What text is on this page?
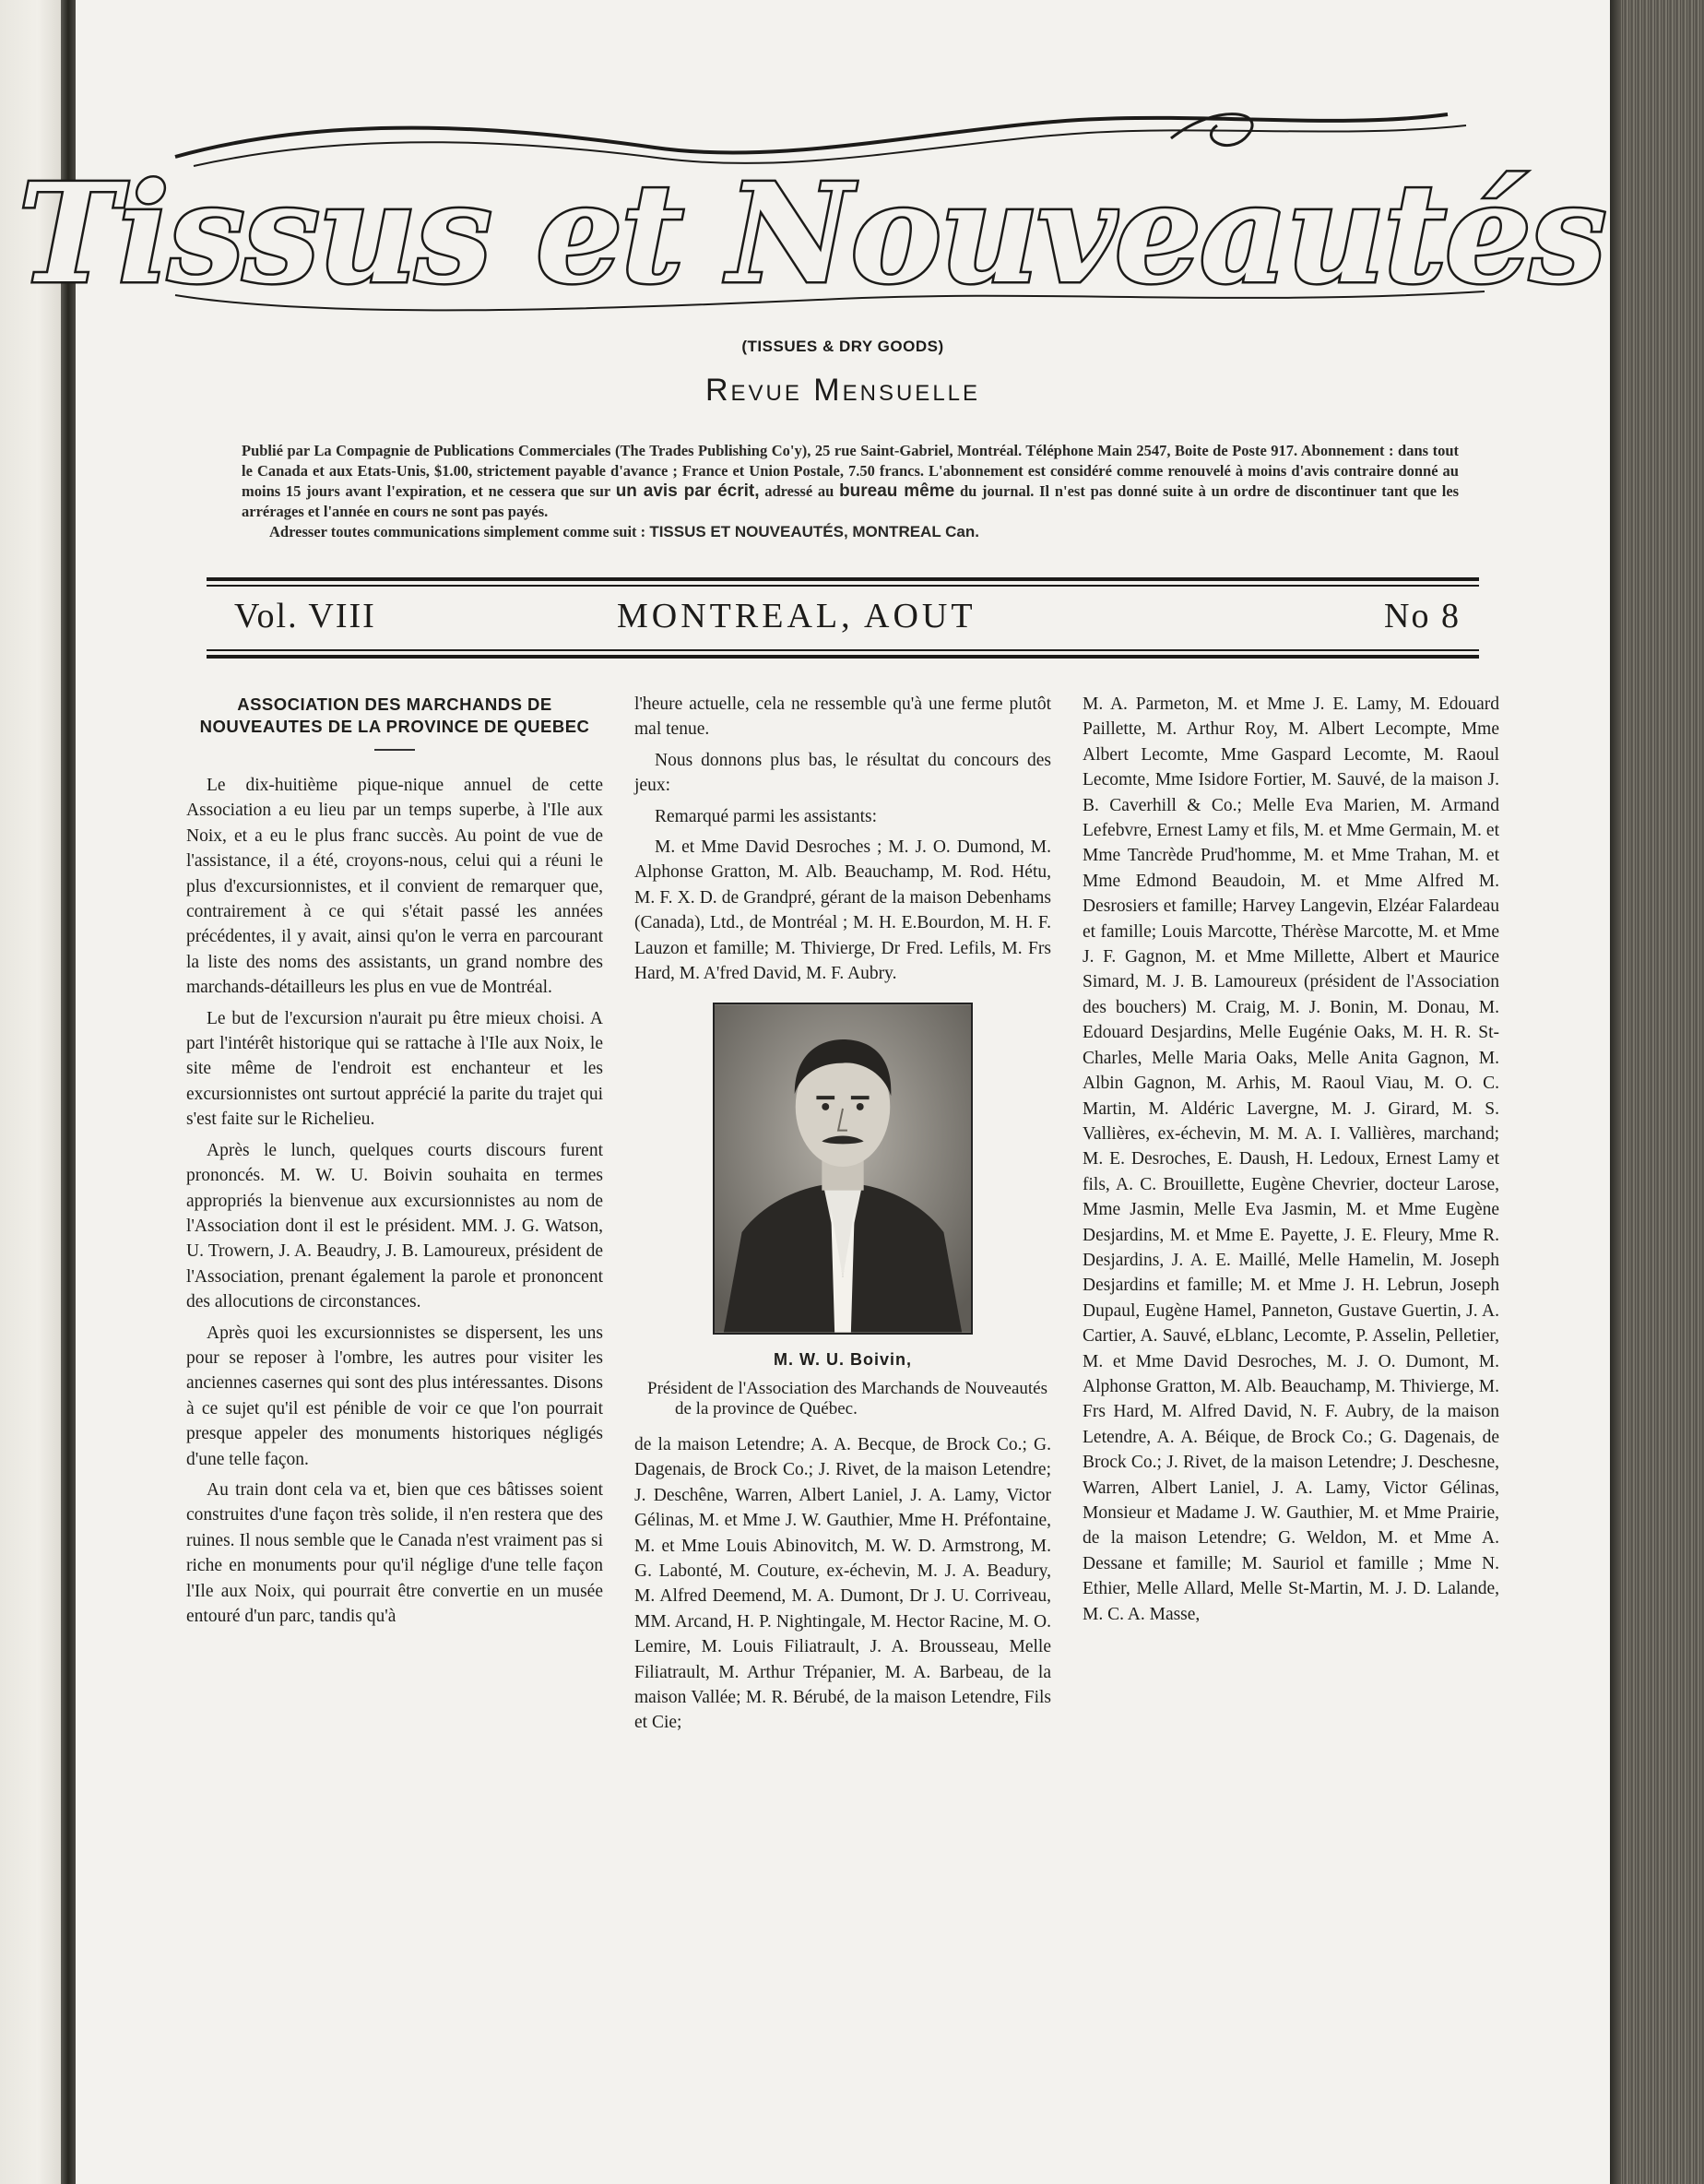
Tissus et Nouveautés
(TISSUES & DRY GOODS)
Revue Mensuelle
Publié par La Compagnie de Publications Commerciales (The Trades Publishing Co'y), 25 rue Saint-Gabriel, Montréal. Téléphone Main 2547, Boite de Poste 917. Abonnement : dans tout le Canada et aux Etats-Unis, $1.00, strictement payable d'avance ; France et Union Postale, 7.50 francs. L'abonnement est considéré comme renouvelé à moins d'avis contraire donné au moins 15 jours avant l'expiration, et ne cessera que sur un avis par écrit, adressé au bureau même du journal. Il n'est pas donné suite à un ordre de discontinuer tant que les arrérages et l'année en cours ne sont pas payés.
Adresser toutes communications simplement comme suit : TISSUS ET NOUVEAUTÉS, MONTREAL Can.
Vol. VIII	MONTREAL, AOUT	No 8
ASSOCIATION DES MARCHANDS DE NOUVEAUTES DE LA PROVINCE DE QUEBEC

Le dix-huitième pique-nique annuel de cette Association a eu lieu par un temps superbe, à l'Ile aux Noix, et a eu le plus franc succès. Au point de vue de l'assistance, il a été, croyons-nous, celui qui a réuni le plus d'excursionnistes, et il convient de remarquer que, contrairement à ce qui s'était passé les années précédentes, il y avait, ainsi qu'on le verra en parcourant la liste des noms des assistants, un grand nombre des marchands-détailleurs les plus en vue de Montréal.

Le but de l'excursion n'aurait pu être mieux choisi. A part l'intérêt historique qui se rattache à l'Ile aux Noix, le site même de l'endroit est enchanteur et les excursionnistes ont surtout apprécié la parite du trajet qui s'est faite sur le Richelieu.

Après le lunch, quelques courts discours furent prononcés. M. W. U. Boivin souhaita en termes appropriés la bienvenue aux excursionnistes au nom de l'Association dont il est le président. MM. J. G. Watson, U. Trowern, J. A. Beaudry, J. B. Lamoureux, président de l'Association, prenant également la parole et prononcent des allocutions de circonstances.

Après quoi les excursionnistes se dispersent, les uns pour se reposer à l'ombre, les autres pour visiter les anciennes casernes qui sont des plus intéressantes. Disons à ce sujet qu'il est pénible de voir ce que l'on pourrait presque appeler des monuments historiques négligés d'une telle façon.

Au train dont cela va et, bien que ces bâtisses soient construites d'une façon très solide, il n'en restera que des ruines. Il nous semble que le Canada n'est vraiment pas si riche en monuments pour qu'il néglige d'une telle façon l'Ile aux Noix, qui pourrait être convertie en un musée entouré d'un parc, tandis qu'à

l'heure actuelle, cela ne ressemble qu'à une ferme plutôt mal tenue.

Nous donnons plus bas, le résultat du concours des jeux:

Remarqué parmi les assistants:

M. et Mme David Desroches ; M. J. O. Dumond, M. Alphonse Gratton, M. Alb. Beauchamp, M. Rod. Hétu, M. F. X. D. de Grandpré, gérant de la maison Debenhams (Canada), Ltd., de Montréal ; M. H. E.Bourdon, M. H. F. Lauzon et famille; M. Thivierge, Dr Fred. Lefils, M. Frs Hard, M. A'fred David, M. F. Aubry.

M. W. U. Boivin,
Président de l'Association des Marchands de Nouveautés de la province de Québec.

de la maison Letendre; A. A. Becque, de Brock Co.; G. Dagenais, de Brock Co.; J. Rivet, de la maison Letendre; J. Deschêne, Warren, Albert Laniel, J. A. Lamy, Victor Gélinas, M. et Mme J. W. Gauthier, Mme H. Préfontaine, M. et Mme Louis Abinovitch, M. W. D. Armstrong, M. G. Labonté, M. Couture, ex-échevin, M. J. A. Beadury, M. Alfred Deemend, M. A. Dumont, Dr J. U. Corriveau, MM. Arcand, H. P. Nightingale, M. Hector Racine, M. O. Lemire, M. Louis Filiatrault, J. A. Brousseau, Melle Filiatrault, M. Arthur Trépanier, M. A. Barbeau, de la maison Vallée; M. R. Bérubé, de la maison Letendre, Fils et Cie;

M. A. Parmeton, M. et Mme J. E. Lamy, M. Edouard Paillette, M. Arthur Roy, M. Albert Lecompte, Mme Albert Lecomte, Mme Gaspard Lecomte, M. Raoul Lecomte, Mme Isidore Fortier, M. Sauvé, de la maison J. B. Caverhill & Co.; Melle Eva Marien, M. Armand Lefebvre, Ernest Lamy et fils, M. et Mme Germain, M. et Mme Tancrède Prud'homme, M. et Mme Trahan, M. et Mme Edmond Beaudoin, M. et Mme Alfred M. Desrosiers et famille; Harvey Langevin, Elzéar Falardeau et famille; Louis Marcotte, Thérèse Marcotte, M. et Mme J. F. Gagnon, M. et Mme Millette, Albert et Maurice Simard, M. J. B. Lamoureux (président de l'Association des bouchers) M. Craig, M. J. Bonin, M. Donau, M. Edouard Desjardins, Melle Eugénie Oaks, M. H. R. St-Charles, Melle Maria Oaks, Melle Anita Gagnon, M. Albin Gagnon, M. Arhis, M. Raoul Viau, M. O. C. Martin, M. Aldéric Lavergne, M. J. Girard, M. S. Vallières, ex-échevin, M. M. A. I. Vallières, marchand; M. E. Desroches, E. Daush, H. Ledoux, Ernest Lamy et fils, A. C. Brouillette, Eugène Chevrier, docteur Larose, Mme Jasmin, Melle Eva Jasmin, M. et Mme Eugène Desjardins, M. et Mme E. Payette, J. E. Fleury, Mme R. Desjardins, J. A. E. Maillé, Melle Hamelin, M. Joseph Desjardins et famille; M. et Mme J. H. Lebrun, Joseph Dupaul, Eugène Hamel, Panneton, Gustave Guertin, J. A. Cartier, A. Sauvé, eLblanc, Lecomte, P. Asselin, Pelletier, M. et Mme David Desroches, M. J. O. Dumont, M. Alphonse Gratton, M. Alb. Beauchamp, M. Thivierge, M. Frs Hard, M. Alfred David, N. F. Aubry, de la maison Letendre, A. A. Béique, de Brock Co.; G. Dagenais, de Brock Co.; J. Rivet, de la maison Letendre; J. Deschesne, Warren, Albert Laniel, J. A. Lamy, Victor Gélinas, Monsieur et Madame J. W. Gauthier, M. et Mme Prairie, de la maison Letendre; G. Weldon, M. et Mme A. Dessane et famille; M. Sauriol et famille ; Mme N. Ethier, Melle Allard, Melle St-Martin, M. J. D. Lalande, M. C. A. Masse,
